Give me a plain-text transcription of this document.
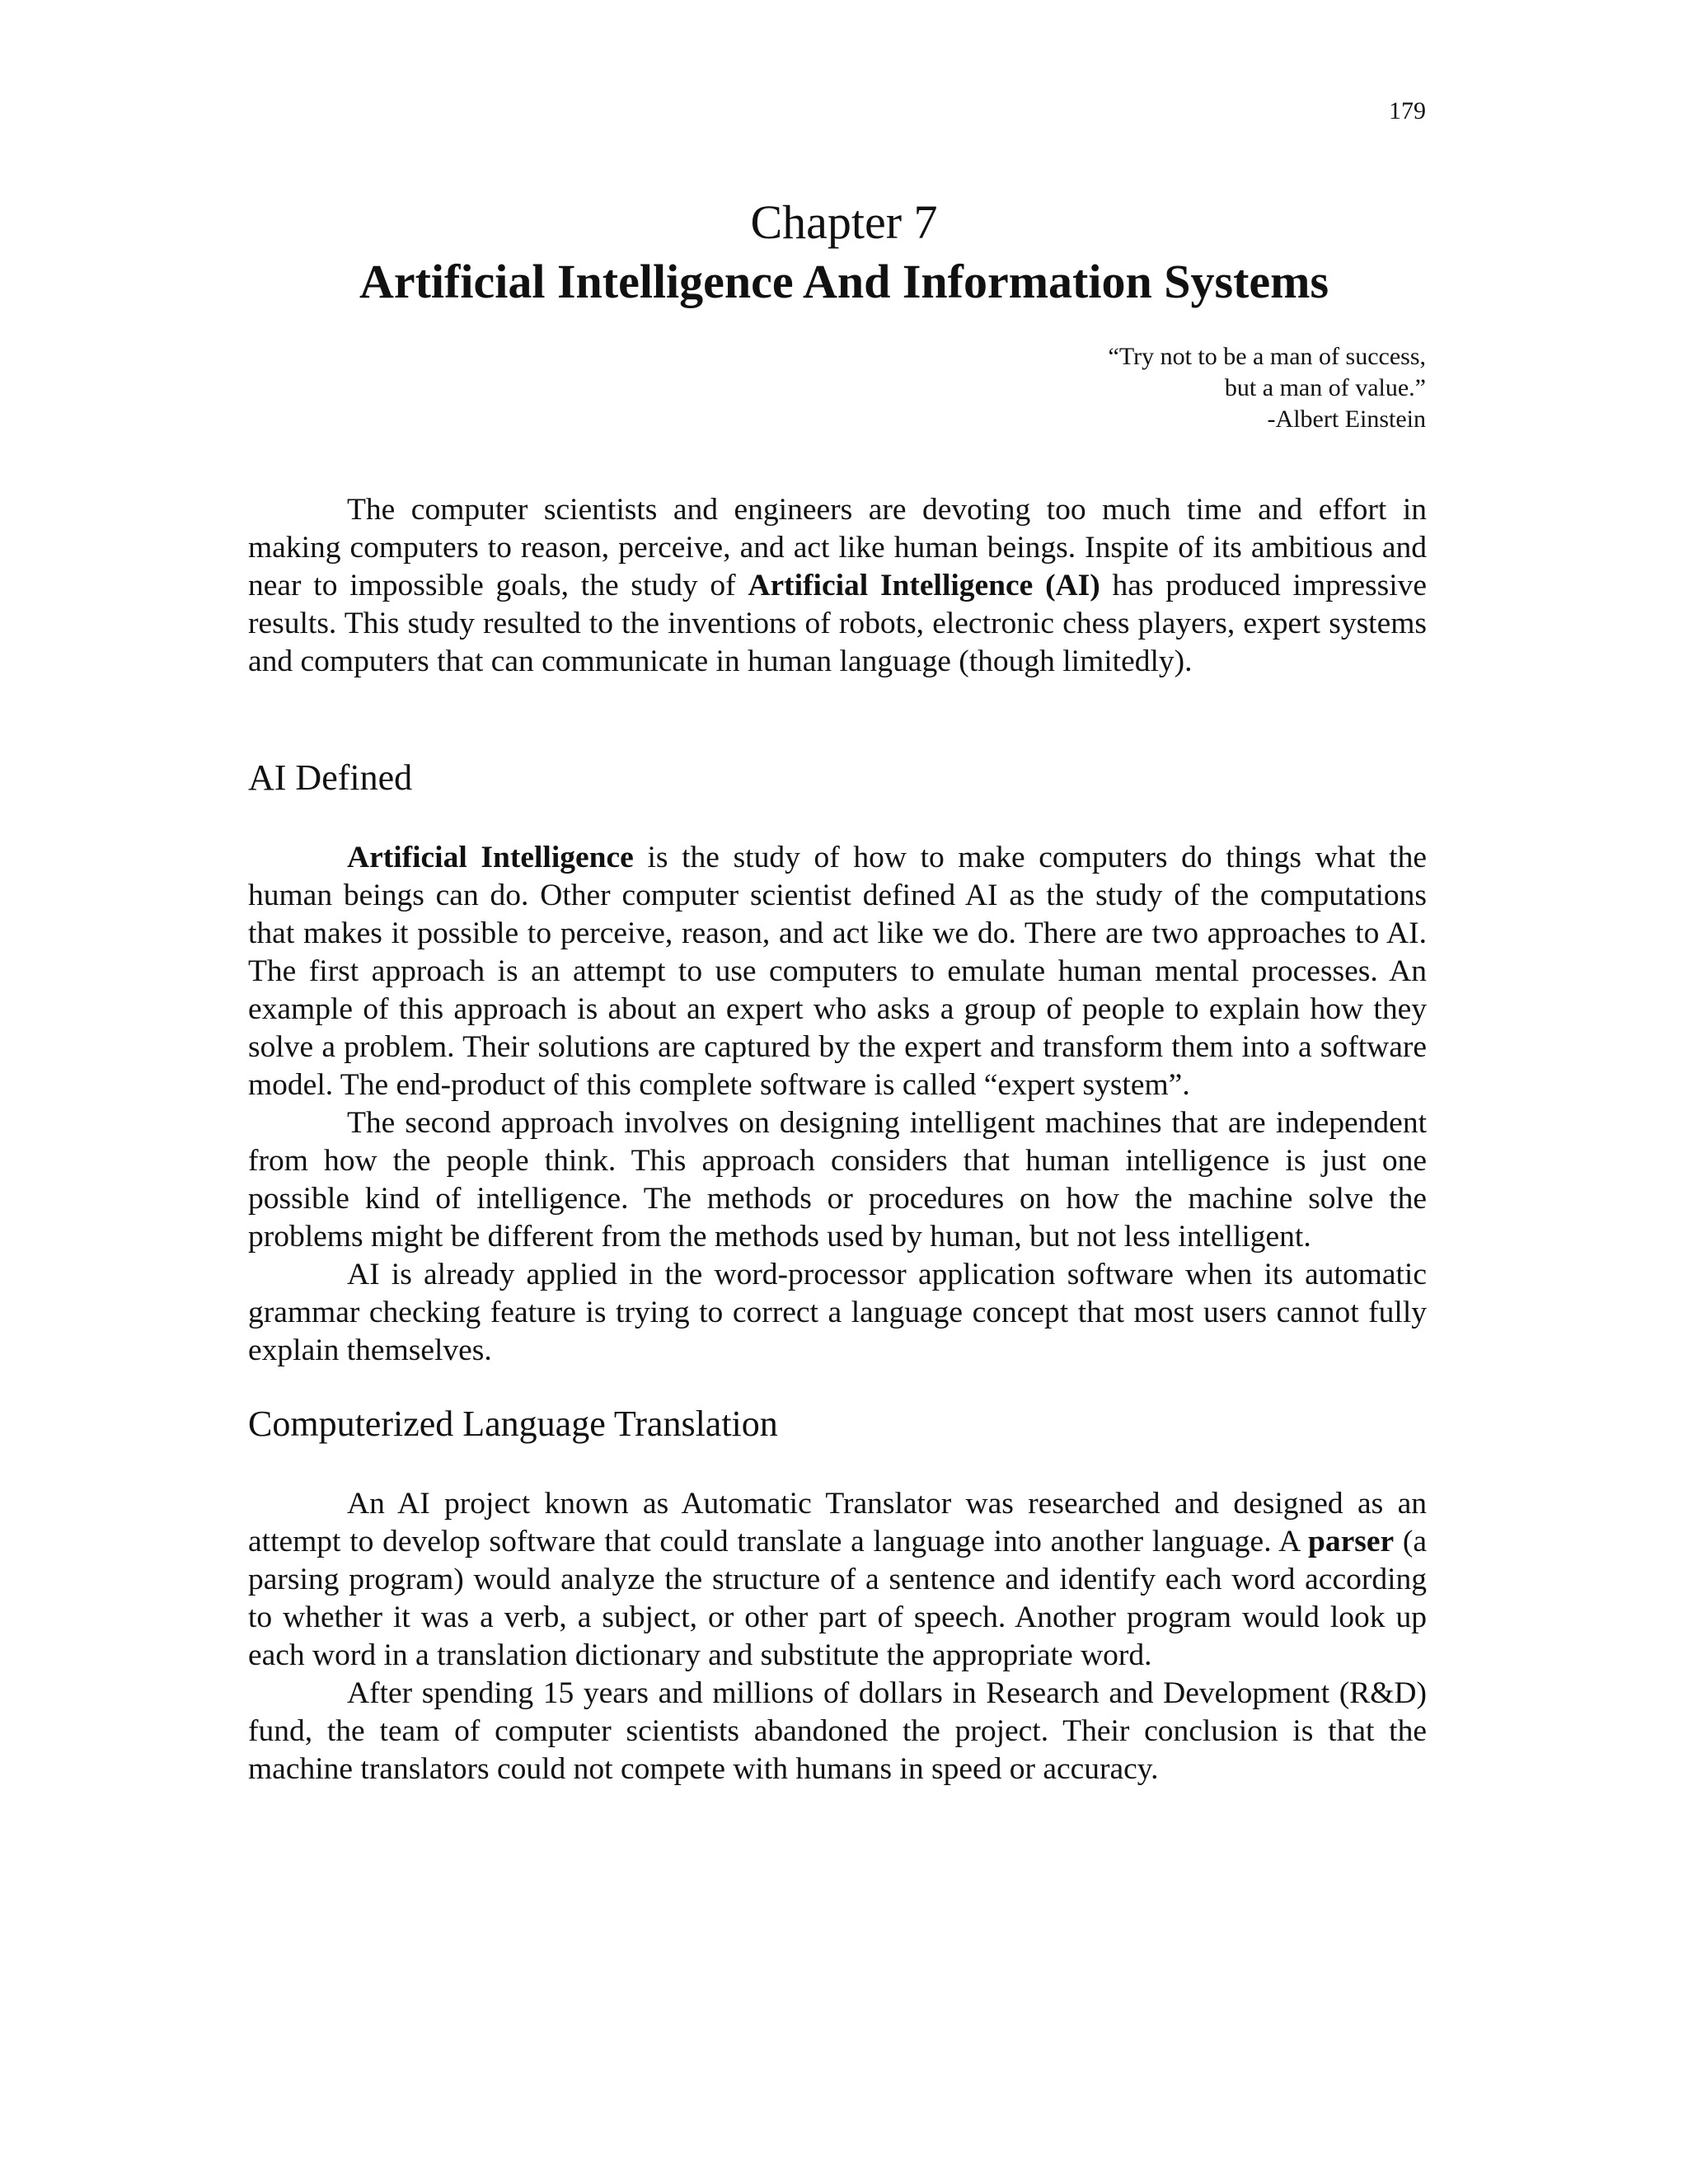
179
Chapter 7
Artificial Intelligence And Information Systems
“Try not to be a man of success,
but a man of value.”
-Albert Einstein

The computer scientists and engineers are devoting too much time and effort in making computers to reason, perceive, and act like human beings. Inspite of its ambitious and near to impossible goals, the study of Artificial Intelligence (AI) has produced impressive results. This study resulted to the inventions of robots, electronic chess players, expert systems and computers that can communicate in human language (though limitedly).

AI Defined

Artificial Intelligence is the study of how to make computers do things what the human beings can do. Other computer scientist defined AI as the study of the computations that makes it possible to perceive, reason, and act like we do. There are two approaches to AI. The first approach is an attempt to use computers to emulate human mental processes. An example of this approach is about an expert who asks a group of people to explain how they solve a problem. Their solutions are captured by the expert and transform them into a software model. The end-product of this complete software is called “expert system”.

The second approach involves on designing intelligent machines that are independent from how the people think. This approach considers that human intelligence is just one possible kind of intelligence. The methods or procedures on how the machine solve the problems might be different from the methods used by human, but not less intelligent.

AI is already applied in the word-processor application software when its automatic grammar checking feature is trying to correct a language concept that most users cannot fully explain themselves.

Computerized Language Translation

An AI project known as Automatic Translator was researched and designed as an attempt to develop software that could translate a language into another language. A parser (a parsing program) would analyze the structure of a sentence and identify each word according to whether it was a verb, a subject, or other part of speech. Another program would look up each word in a translation dictionary and substitute the appropriate word.

After spending 15 years and millions of dollars in Research and Development (R&D) fund, the team of computer scientists abandoned the project. Their conclusion is that the machine translators could not compete with humans in speed or accuracy.
